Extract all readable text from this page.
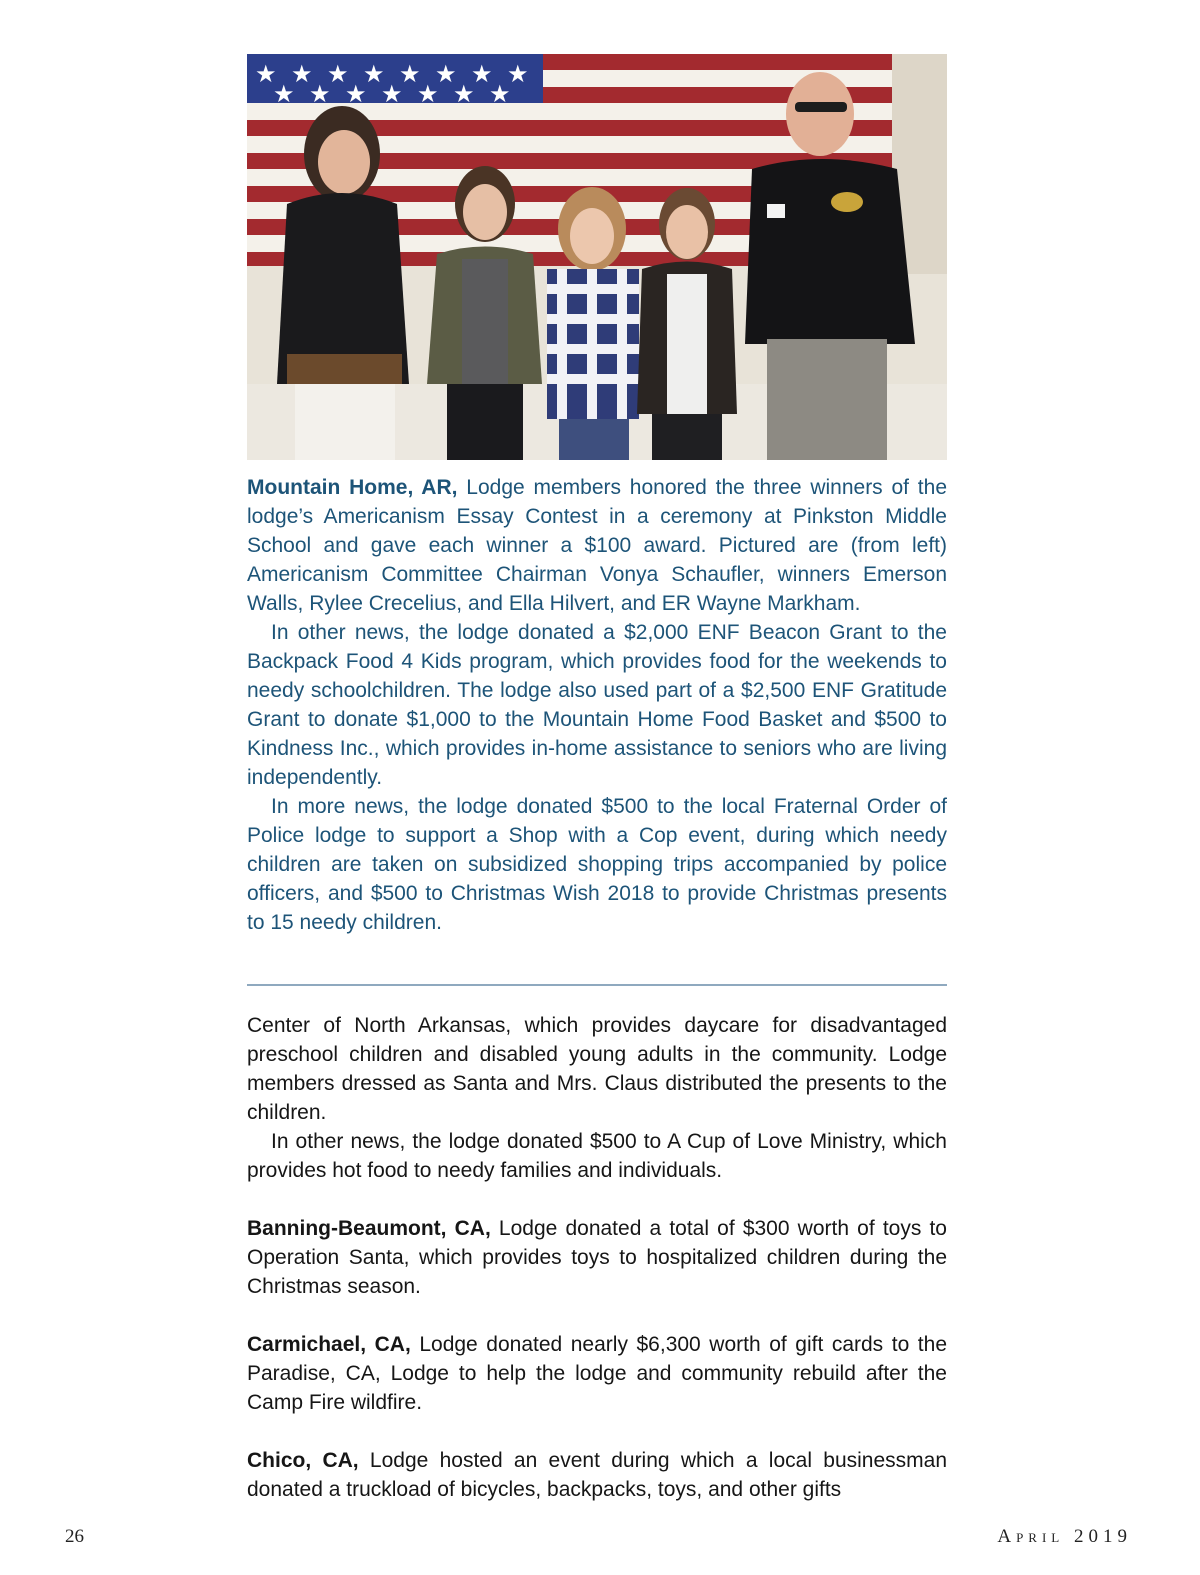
★ ★ ★ ★ ★ ★ ★ ★
★ ★ ★ ★ ★ ★ ★

Mountain Home, AR, Lodge members honored the three winners of the lodge’s Americanism Essay Contest in a ceremony at Pinkston Middle School and gave each winner a $100 award. Pictured are (from left) Americanism Committee Chairman Vonya Schaufler, winners Emerson Walls, Rylee Crecelius, and Ella Hilvert, and ER Wayne Markham.

In other news, the lodge donated a $2,000 ENF Beacon Grant to the Backpack Food 4 Kids program, which provides food for the weekends to needy schoolchildren. The lodge also used part of a $2,500 ENF Gratitude Grant to donate $1,000 to the Mountain Home Food Basket and $500 to Kindness Inc., which provides in-home assistance to seniors who are living independently.

In more news, the lodge donated $500 to the local Fraternal Order of Police lodge to support a Shop with a Cop event, during which needy children are taken on subsidized shopping trips accompanied by police officers, and $500 to Christmas Wish 2018 to provide Christmas presents to 15 needy children.

Center of North Arkansas, which provides daycare for disadvantaged preschool children and disabled young adults in the community. Lodge members dressed as Santa and Mrs. Claus distributed the presents to the children.

In other news, the lodge donated $500 to A Cup of Love Ministry, which provides hot food to needy families and individuals.

Banning-Beaumont, CA, Lodge donated a total of $300 worth of toys to Operation Santa, which provides toys to hospitalized children during the Christmas season.

Carmichael, CA, Lodge donated nearly $6,300 worth of gift cards to the Paradise, CA, Lodge to help the lodge and community rebuild after the Camp Fire wildfire.

Chico, CA, Lodge hosted an event during which a local businessman donated a truckload of bicycles, backpacks, toys, and other gifts

26	April 2019
